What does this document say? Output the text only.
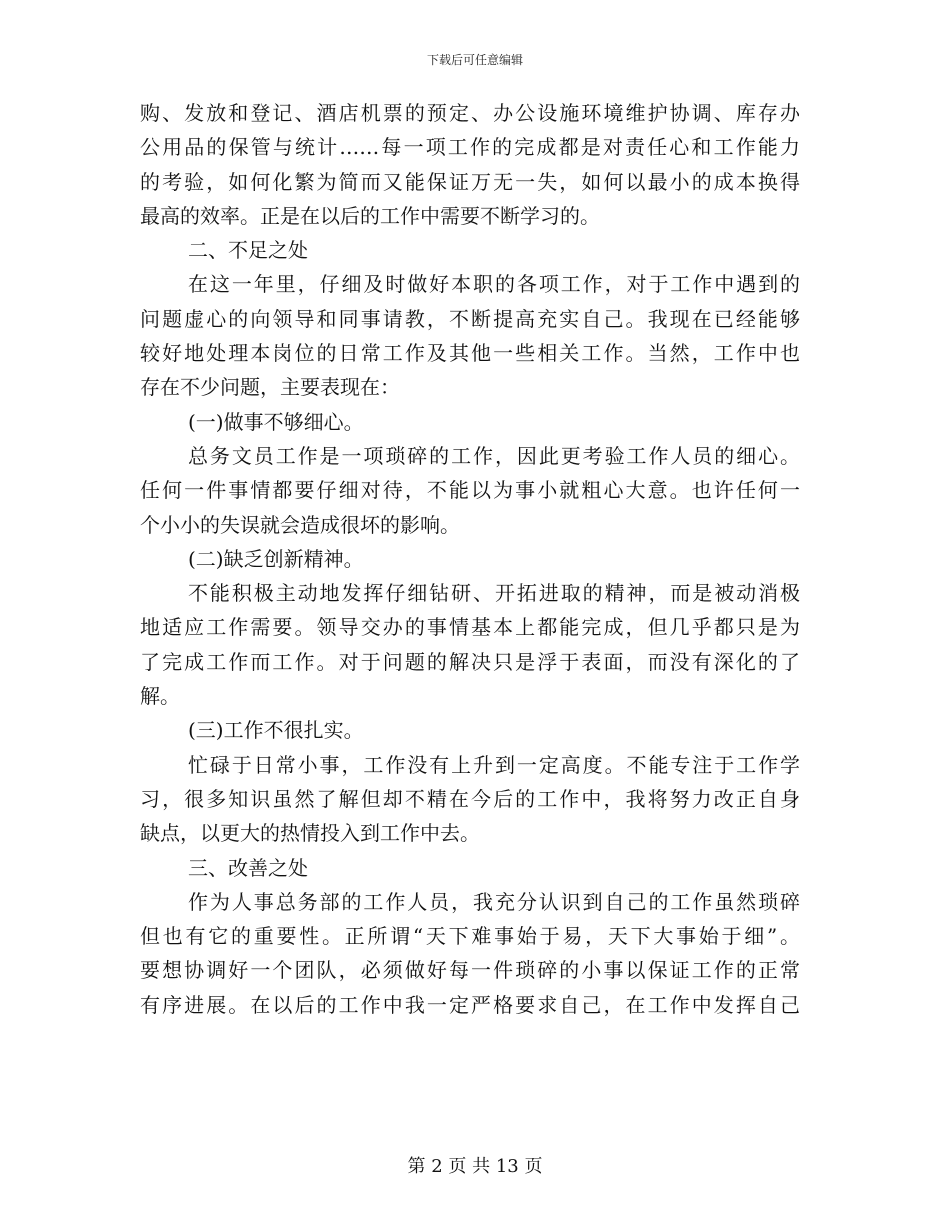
下载后可任意编辑
购、发放和登记、酒店机票的预定、办公设施环境维护协调、库存办
公用品的保管与统计……每一项工作的完成都是对责任心和工作能力
的考验，如何化繁为简而又能保证万无一失，如何以最小的成本换得
最高的效率。正是在以后的工作中需要不断学习的。
二、不足之处
在这一年里，仔细及时做好本职的各项工作，对于工作中遇到的
问题虚心的向领导和同事请教，不断提高充实自己。我现在已经能够
较好地处理本岗位的日常工作及其他一些相关工作。当然，工作中也
存在不少问题，主要表现在：
(一)做事不够细心。
总务文员工作是一项琐碎的工作，因此更考验工作人员的细心。
任何一件事情都要仔细对待，不能以为事小就粗心大意。也许任何一
个小小的失误就会造成很坏的影响。
(二)缺乏创新精神。
不能积极主动地发挥仔细钻研、开拓进取的精神，而是被动消极
地适应工作需要。领导交办的事情基本上都能完成，但几乎都只是为
了完成工作而工作。对于问题的解决只是浮于表面，而没有深化的了
解。
(三)工作不很扎实。
忙碌于日常小事，工作没有上升到一定高度。不能专注于工作学
习，很多知识虽然了解但却不精在今后的工作中，我将努力改正自身
缺点，以更大的热情投入到工作中去。
三、改善之处
作为人事总务部的工作人员，我充分认识到自己的工作虽然琐碎
但也有它的重要性。正所谓“天下难事始于易，天下大事始于细”。
要想协调好一个团队，必须做好每一件琐碎的小事以保证工作的正常
有序进展。在以后的工作中我一定严格要求自己，在工作中发挥自己
第 2 页 共 13 页
